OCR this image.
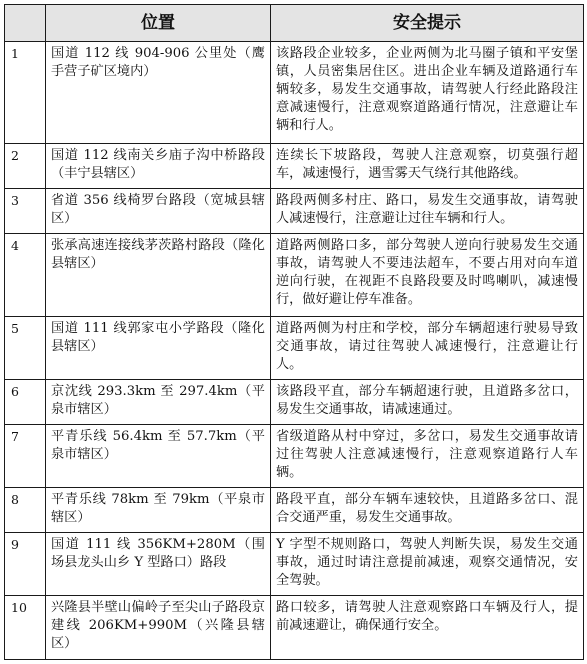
	位置	安全提示
1	国道 112 线 904-906 公里处（鹰手营子矿区境内）	该路段企业较多，企业两侧为北马圈子镇和平安堡镇，人员密集居住区。进出企业车辆及道路通行车辆较多，易发生交通事故，请驾驶人行经此路段注意减速慢行，注意观察道路通行情况，注意避让车辆和行人。
2	国道 112 线南关乡庙子沟中桥路段（丰宁县辖区）	连续长下坡路段，驾驶人注意观察，切莫强行超车，减速慢行，遇雪雾天气绕行其他路线。
3	省道 356 线椅罗台路段（宽城县辖区）	路段两侧多村庄、路口，易发生交通事故，请驾驶人减速慢行，注意避让过往车辆和行人。
4	张承高速连接线茅茨路村路段（隆化县辖区）	道路两侧路口多，部分驾驶人逆向行驶易发生交通事故，请驾驶人不要违法超车，不要占用对向车道逆向行驶，在视距不良路段要及时鸣喇叭，减速慢行，做好避让停车准备。
5	国道 111 线郭家屯小学路段（隆化县辖区）	道路两侧为村庄和学校，部分车辆超速行驶易导致交通事故，请过往驾驶人减速慢行，注意避让行人。
6	京沈线 293.3km 至 297.4km（平泉市辖区）	该路段平直，部分车辆超速行驶，且道路多岔口，易发生交通事故，请减速通过。
7	平青乐线 56.4km 至 57.7km（平泉市辖区）	省级道路从村中穿过，多岔口，易发生交通事故请过往驾驶人注意减速慢行，注意观察道路行人车辆。
8	平青乐线 78km 至 79km（平泉市辖区）	路段平直，部分车辆车速较快，且道路多岔口、混合交通严重，易发生交通事故。
9	国道 111 线 356KM+280M（围场县龙头山乡 Y 型路口）路段	Y 字型不规则路口，驾驶人判断失误，易发生交通事故，通过时请注意提前减速，观察交通情况，安全驾驶。
10	兴隆县半壁山偏岭子至尖山子路段京建线 206KM+990M（兴隆县辖区）	路口较多，请驾驶人注意观察路口车辆及行人，提前减速避让，确保通行安全。
